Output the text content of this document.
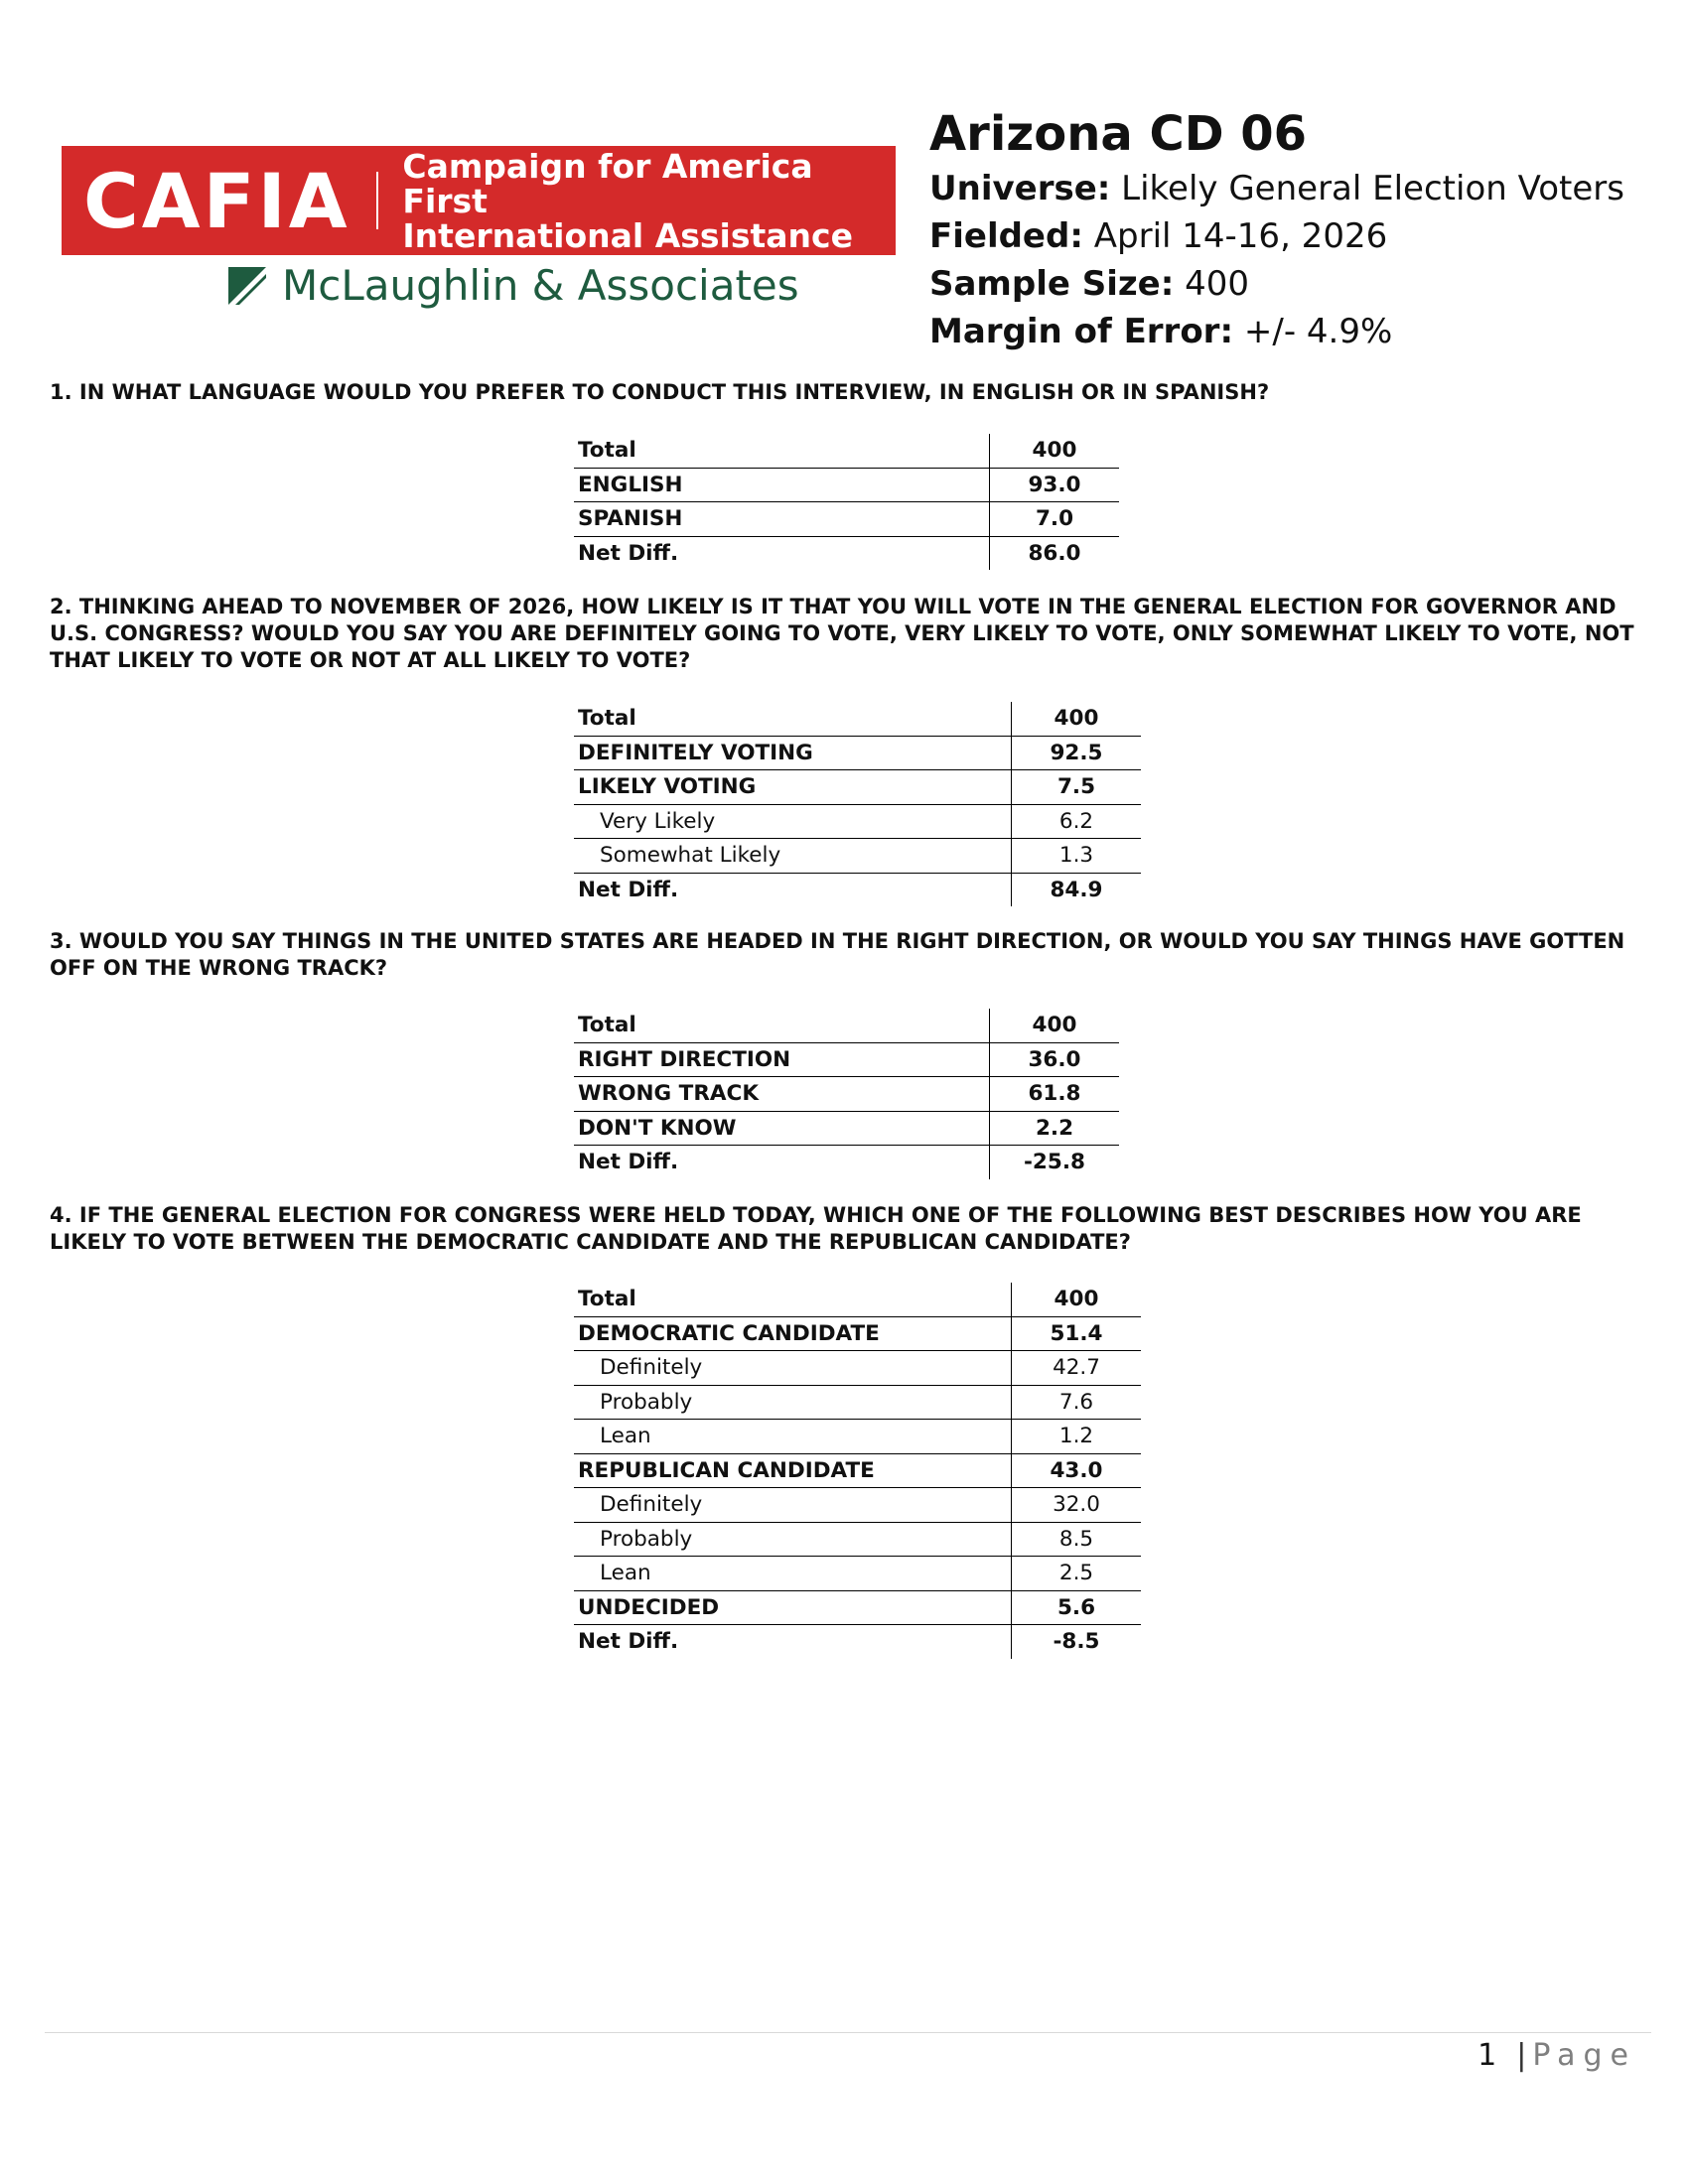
CAFIA Campaign for America First
International Assistance
McLaughlin & Associates
Arizona CD 06
Universe: Likely General Election Voters
Fielded: April 14-16, 2026
Sample Size: 400
Margin of Error: +/- 4.9%

1. IN WHAT LANGUAGE WOULD YOU PREFER TO CONDUCT THIS INTERVIEW, IN ENGLISH OR IN SPANISH?

Total	400
ENGLISH	93.0
SPANISH	7.0
Net Diff.	86.0

2. THINKING AHEAD TO NOVEMBER OF 2026, HOW LIKELY IS IT THAT YOU WILL VOTE IN THE GENERAL ELECTION FOR GOVERNOR AND U.S. CONGRESS? WOULD YOU SAY YOU ARE DEFINITELY GOING TO VOTE, VERY LIKELY TO VOTE, ONLY SOMEWHAT LIKELY TO VOTE, NOT THAT LIKELY TO VOTE OR NOT AT ALL LIKELY TO VOTE?

Total	400
DEFINITELY VOTING	92.5
LIKELY VOTING	7.5
Very Likely	6.2
Somewhat Likely	1.3
Net Diff.	84.9

3. WOULD YOU SAY THINGS IN THE UNITED STATES ARE HEADED IN THE RIGHT DIRECTION, OR WOULD YOU SAY THINGS HAVE GOTTEN OFF ON THE WRONG TRACK?

Total	400
RIGHT DIRECTION	36.0
WRONG TRACK	61.8
DON'T KNOW	2.2
Net Diff.	-25.8

4. IF THE GENERAL ELECTION FOR CONGRESS WERE HELD TODAY, WHICH ONE OF THE FOLLOWING BEST DESCRIBES HOW YOU ARE LIKELY TO VOTE BETWEEN THE DEMOCRATIC CANDIDATE AND THE REPUBLICAN CANDIDATE?

Total	400
DEMOCRATIC CANDIDATE	51.4
Definitely	42.7
Probably	7.6
Lean	1.2
REPUBLICAN CANDIDATE	43.0
Definitely	32.0
Probably	8.5
Lean	2.5
UNDECIDED	5.6
Net Diff.	-8.5
1 | Page
